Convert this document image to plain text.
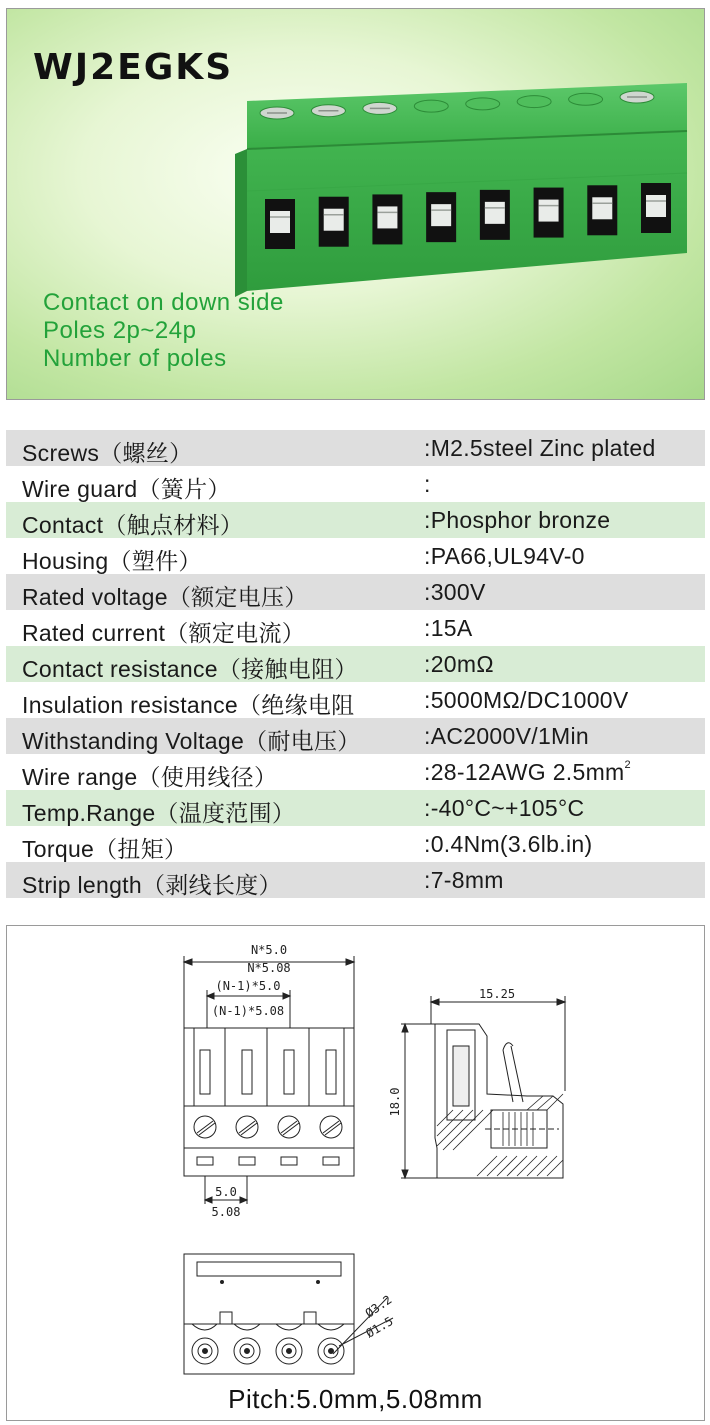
WJ2EGKS
Contact on down side
Poles 2p~24p
Number of poles
Screws（螺丝）	:M2.5steel Zinc plated
Wire guard（簧片）	:
Contact（触点材料）	:Phosphor bronze
Housing（塑件）	:PA66,UL94V-0
Rated voltage（额定电压）	:300V
Rated current（额定电流）	:15A
Contact resistance（接触电阻）	:20mΩ
Insulation resistance（绝缘电阻	:5000MΩ/DC1000V
Withstanding Voltage（耐电压）	:AC2000V/1Min
Wire range（使用线径）	:28-12AWG $2.5mm^2$
Temp.Range（温度范围）	:-40°C~+105°C
Torque（扭矩）	:0.4Nm(3.6lb.in)
Strip length（剥线长度）	:7-8mm
N*5.0
N*5.08
(N-1)*5.0
(N-1)*5.08
5.0
5.08
15.25
18.0
Ø3.2
Ø1.5
Pitch:5.0mm,5.08mm
